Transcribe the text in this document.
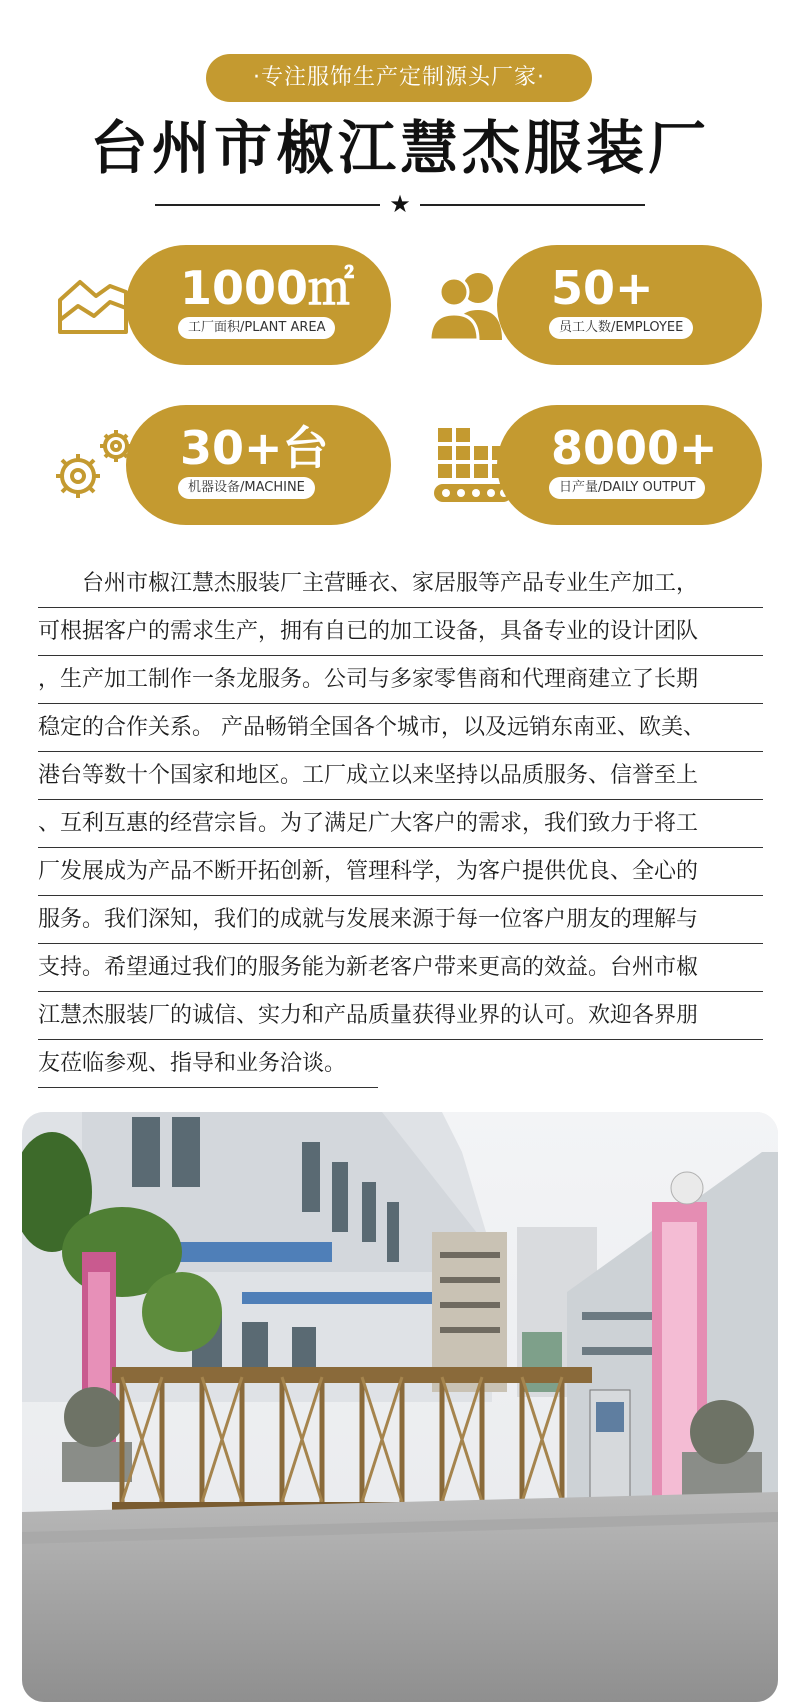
·专注服饰生产定制源头厂家·
台州市椒江慧杰服装厂
★
1000㎡
工厂面积/PLANT AREA
50+
员工人数/EMPLOYEE
30+台
机器设备/MACHINE
8000+
日产量/DAILY OUTPUT
台州市椒江慧杰服装厂主营睡衣、家居服等产品专业生产加工，
可根据客户的需求生产，拥有自已的加工设备，具备专业的设计团队
，生产加工制作一条龙服务。公司与多家零售商和代理商建立了长期
稳定的合作关系。 产品畅销全国各个城市，以及远销东南亚、欧美、
港台等数十个国家和地区。工厂成立以来坚持以品质服务、信誉至上
、互利互惠的经营宗旨。为了满足广大客户的需求，我们致力于将工
厂发展成为产品不断开拓创新，管理科学，为客户提供优良、全心的
服务。我们深知，我们的成就与发展来源于每一位客户朋友的理解与
支持。希望通过我们的服务能为新老客户带来更高的效益。台州市椒
江慧杰服装厂的诚信、实力和产品质量获得业界的认可。欢迎各界朋
友莅临参观、指导和业务洽谈。
